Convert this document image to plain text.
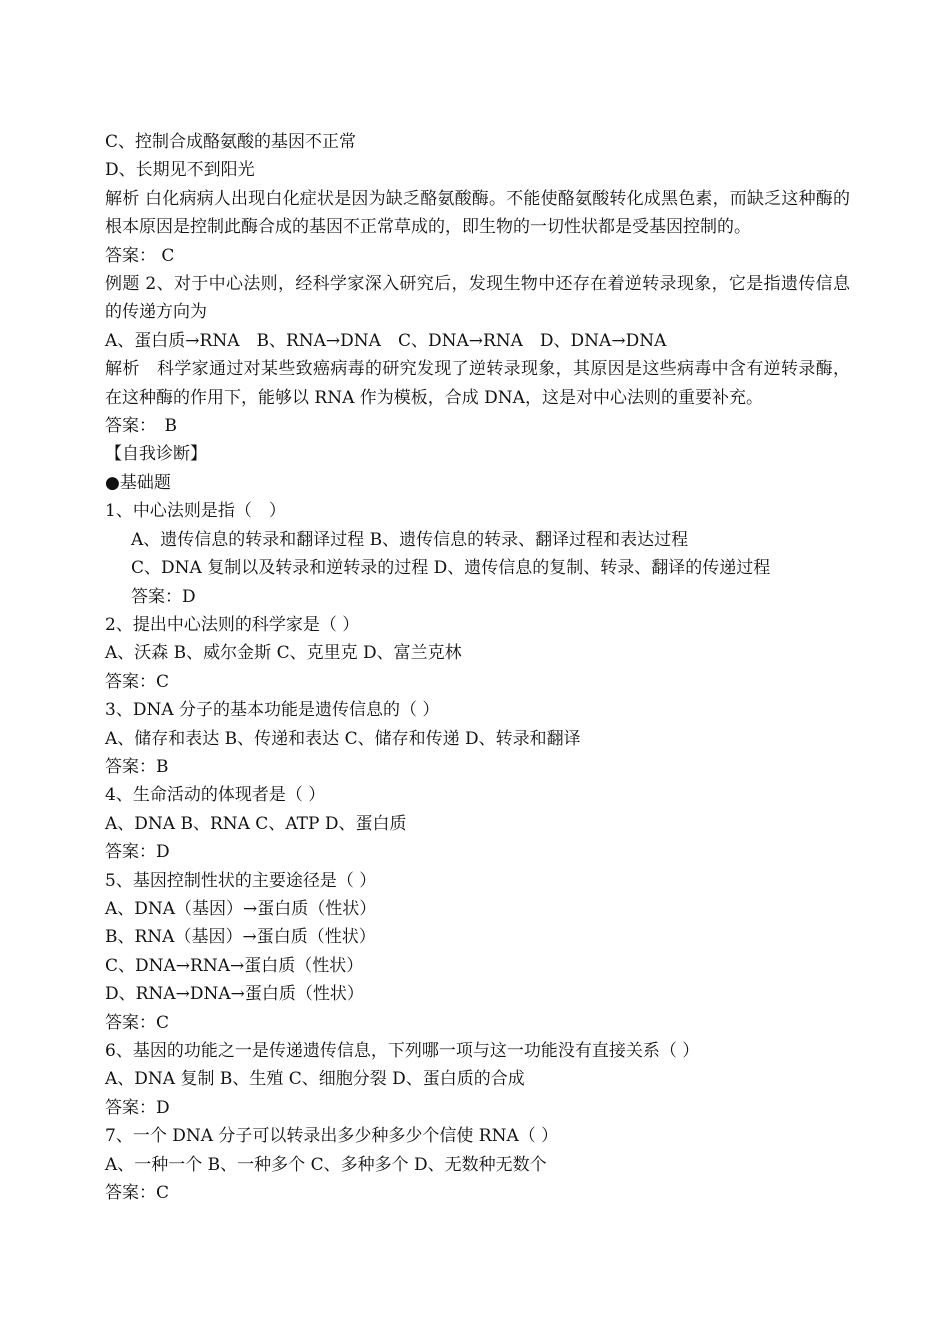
C、控制合成酪氨酸的基因不正常
D、长期见不到阳光
解析 白化病病人出现白化症状是因为缺乏酪氨酸酶。不能使酪氨酸转化成黑色素，而缺乏这种酶的根本原因是控制此酶合成的基因不正常草成的，即生物的一切性状都是受基因控制的。
答案： C
例题 2、对于中心法则，经科学家深入研究后，发现生物中还存在着逆转录现象，它是指遗传信息的传递方向为
A、蛋白质→RNA　B、RNA→DNA　C、DNA→RNA　D、DNA→DNA
解析　科学家通过对某些致癌病毒的研究发现了逆转录现象，其原因是这些病毒中含有逆转录酶，在这种酶的作用下，能够以 RNA 作为模板，合成 DNA，这是对中心法则的重要补充。
答案：　B
【自我诊断】
●基础题
1、中心法则是指（　）
A、遗传信息的转录和翻译过程 B、遗传信息的转录、翻译过程和表达过程
C、DNA 复制以及转录和逆转录的过程 D、遗传信息的复制、转录、翻译的传递过程
答案：D
2、提出中心法则的科学家是（ ）
A、沃森 B、威尔金斯 C、克里克 D、富兰克林
答案：C
3、DNA 分子的基本功能是遗传信息的（ ）
A、储存和表达 B、传递和表达 C、储存和传递 D、转录和翻译
答案：B
4、生命活动的体现者是（ ）
A、DNA B、RNA C、ATP D、蛋白质
答案：D
5、基因控制性状的主要途径是（ ）
A、DNA（基因）→蛋白质（性状）
B、RNA（基因）→蛋白质（性状）
C、DNA→RNA→蛋白质（性状）
D、RNA→DNA→蛋白质（性状）
答案：C
6、基因的功能之一是传递遗传信息，下列哪一项与这一功能没有直接关系（ ）
A、DNA 复制 B、生殖 C、细胞分裂 D、蛋白质的合成
答案：D
7、一个 DNA 分子可以转录出多少种多少个信使 RNA（ ）
A、一种一个 B、一种多个 C、多种多个 D、无数种无数个
答案：C
